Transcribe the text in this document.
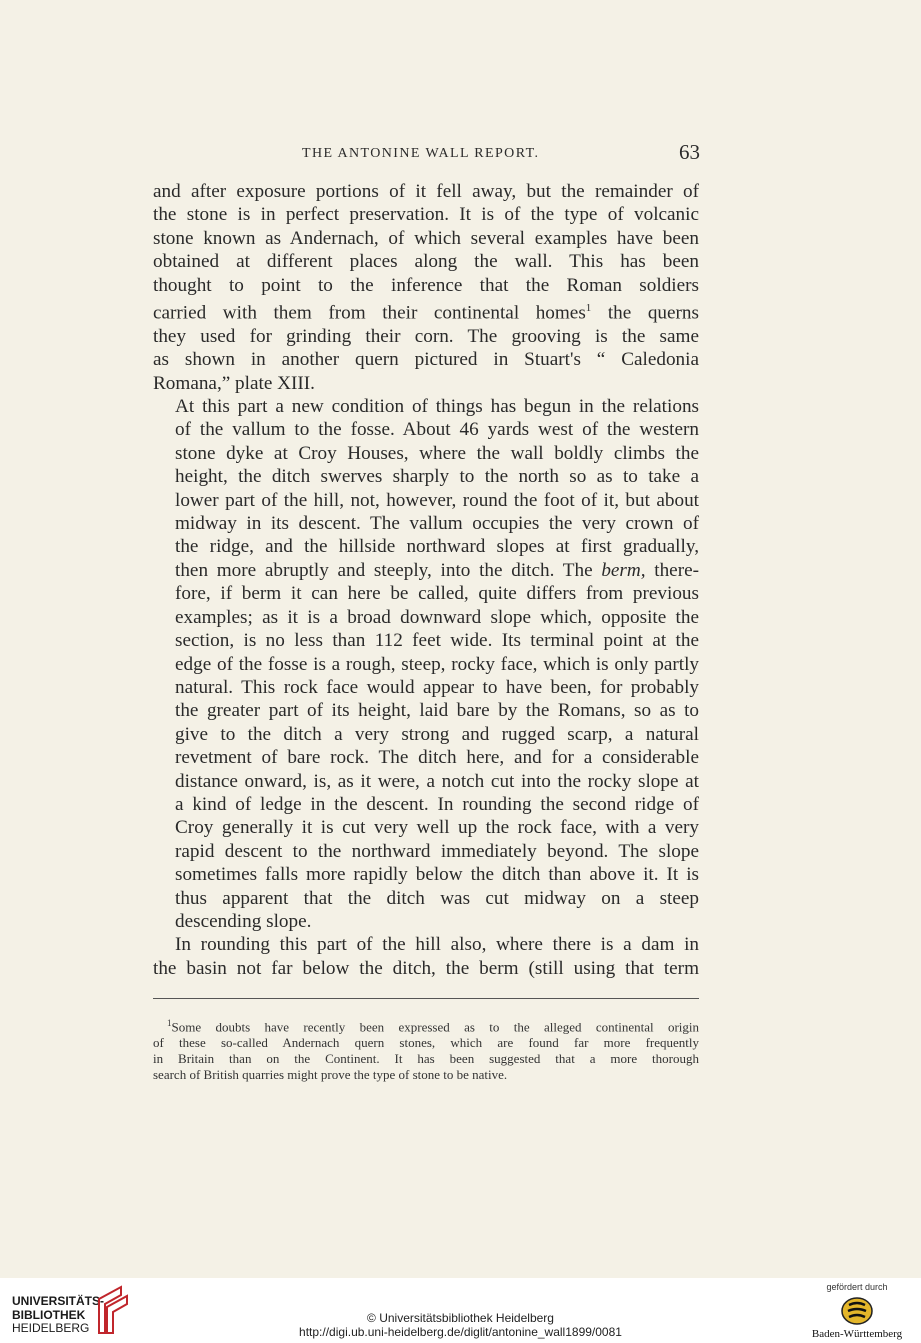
THE ANTONINE WALL REPORT.	63

and after exposure portions of it fell away, but the remainder of
the stone is in perfect preservation. It is of the type of volcanic
stone known as Andernach, of which several examples have been
obtained at different places along the wall. This has been
thought to point to the inference that the Roman soldiers
carried with them from their continental homes$^1$ the querns
they used for grinding their corn. The grooving is the same
as shown in another quern pictured in Stuart's “ Caledonia
Romana,” plate XIII.

At this part a new condition of things has begun in the relations
of the vallum to the fosse. About 46 yards west of the western
stone dyke at Croy Houses, where the wall boldly climbs the
height, the ditch swerves sharply to the north so as to take a
lower part of the hill, not, however, round the foot of it, but about
midway in its descent. The vallum occupies the very crown of
the ridge, and the hillside northward slopes at first gradually,
then more abruptly and steeply, into the ditch. The berm, there-
fore, if berm it can here be called, quite differs from previous
examples; as it is a broad downward slope which, opposite the
section, is no less than 112 feet wide. Its terminal point at the
edge of the fosse is a rough, steep, rocky face, which is only partly
natural. This rock face would appear to have been, for probably
the greater part of its height, laid bare by the Romans, so as to
give to the ditch a very strong and rugged scarp, a natural
revetment of bare rock. The ditch here, and for a considerable
distance onward, is, as it were, a notch cut into the rocky slope at
a kind of ledge in the descent. In rounding the second ridge of
Croy generally it is cut very well up the rock face, with a very
rapid descent to the northward immediately beyond. The slope
sometimes falls more rapidly below the ditch than above it. It is
thus apparent that the ditch was cut midway on a steep
descending slope.

In rounding this part of the hill also, where there is a dam in
the basin not far below the ditch, the berm (still using that term

$^1$Some doubts have recently been expressed as to the alleged continental origin
of these so-called Andernach quern stones, which are found far more frequently
in Britain than on the Continent. It has been suggested that a more thorough
search of British quarries might prove the type of stone to be native.
UNIVERSITÄTS-
BIBLIOTHEK
HEIDELBERG
© Universitätsbibliothek Heidelberg
http://digi.ub.uni-heidelberg.de/diglit/antonine_wall1899/0081
gefördert durch
Baden-Württemberg
